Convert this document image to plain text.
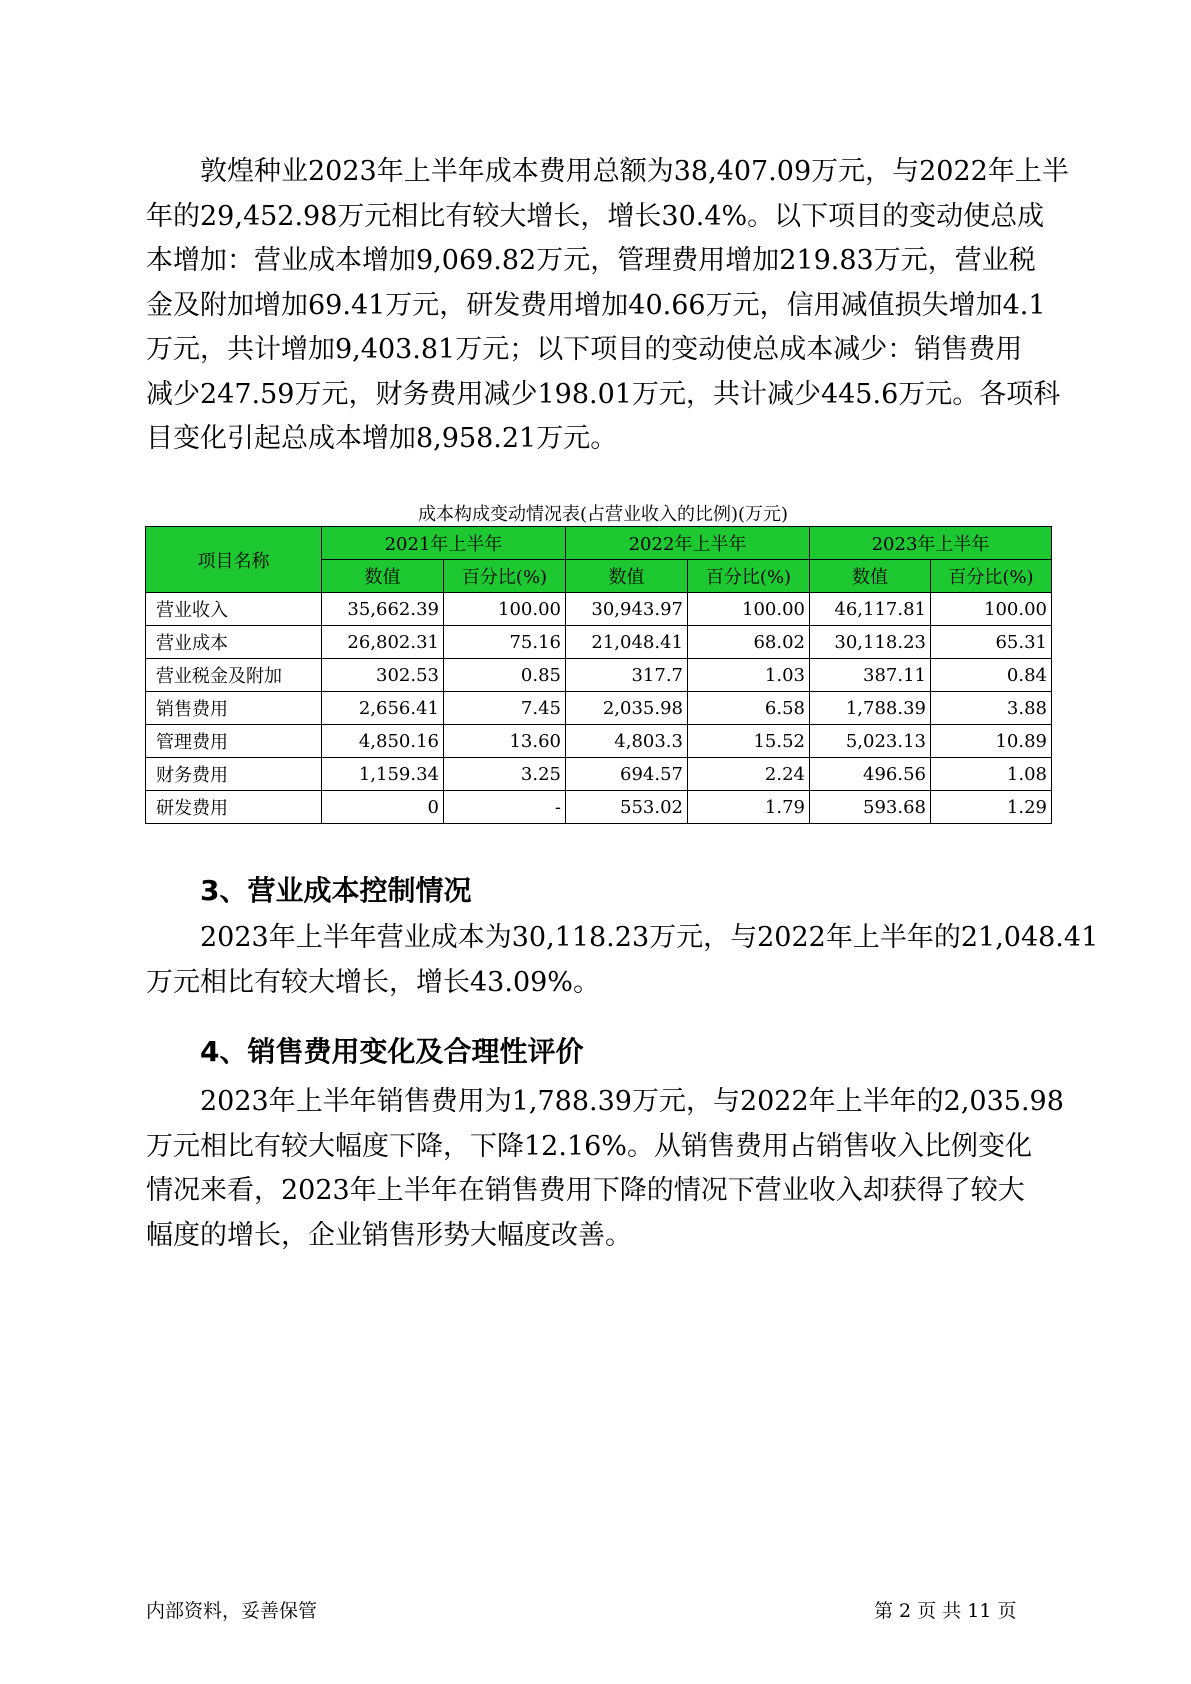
敦煌种业2023年上半年成本费用总额为38,407.09万元，与2022年上半
年的29,452.98万元相比有较大增长，增长30.4%。以下项目的变动使总成
本增加：营业成本增加9,069.82万元，管理费用增加219.83万元，营业税
金及附加增加69.41万元，研发费用增加40.66万元，信用减值损失增加4.1
万元，共计增加9,403.81万元；以下项目的变动使总成本减少：销售费用
减少247.59万元，财务费用减少198.01万元，共计减少445.6万元。各项科
目变化引起总成本增加8,958.21万元。

成本构成变动情况表(占营业收入的比例)(万元)
项目名称	2021年上半年		2022年上半年		2023年上半年	
	数值	百分比(%)	数值	百分比(%)	数值	百分比(%)
营业收入	35,662.39	100.00	30,943.97	100.00	46,117.81	100.00
营业成本	26,802.31	75.16	21,048.41	68.02	30,118.23	65.31
营业税金及附加	302.53	0.85	317.7	1.03	387.11	0.84
销售费用	2,656.41	7.45	2,035.98	6.58	1,788.39	3.88
管理费用	4,850.16	13.60	4,803.3	15.52	5,023.13	10.89
财务费用	1,159.34	3.25	694.57	2.24	496.56	1.08
研发费用	0	-	553.02	1.79	593.68	1.29
3、营业成本控制情况

2023年上半年营业成本为30,118.23万元，与2022年上半年的21,048.41
万元相比有较大增长，增长43.09%。

4、销售费用变化及合理性评价

2023年上半年销售费用为1,788.39万元，与2022年上半年的2,035.98
万元相比有较大幅度下降，下降12.16%。从销售费用占销售收入比例变化
情况来看，2023年上半年在销售费用下降的情况下营业收入却获得了较大
幅度的增长，企业销售形势大幅度改善。

内部资料，妥善保管	第 2 页 共 11 页
